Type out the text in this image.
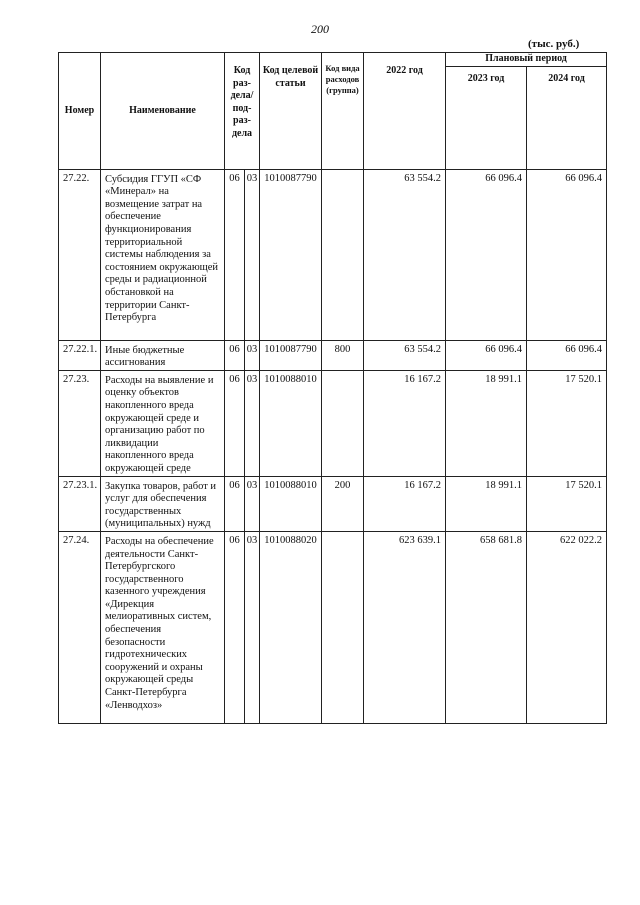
200
(тыс. руб.)
Номер	Наименование	Код раз-дела/ под-раз-дела		Код целевой статьи	Код вида расходов (группа)	2022 год	Плановый период	
							2023 год	2024 год
27.22.	Субсидия ГГУП «СФ «Минерал» на возмещение затрат на обеспечение функционирования территориальной системы наблюдения за состоянием окружающей среды и радиационной обстановкой на территории Санкт-Петербурга	06	03	1010087790		63 554.2	66 096.4	66 096.4
27.22.1.	Иные бюджетные ассигнования	06	03	1010087790	800	63 554.2	66 096.4	66 096.4
27.23.	Расходы на выявление и оценку объектов накопленного вреда окружающей среде и организацию работ по ликвидации накопленного вреда окружающей среде	06	03	1010088010		16 167.2	18 991.1	17 520.1
27.23.1.	Закупка товаров, работ и услуг для обеспечения государственных (муниципальных) нужд	06	03	1010088010	200	16 167.2	18 991.1	17 520.1
27.24.	Расходы на обеспечение деятельности Санкт-Петербургского государственного казенного учреждения «Дирекция мелиоративных систем, обеспечения безопасности гидротехнических сооружений и охраны окружающей среды Санкт-Петербурга «Ленводхоз»	06	03	1010088020		623 639.1	658 681.8	622 022.2
